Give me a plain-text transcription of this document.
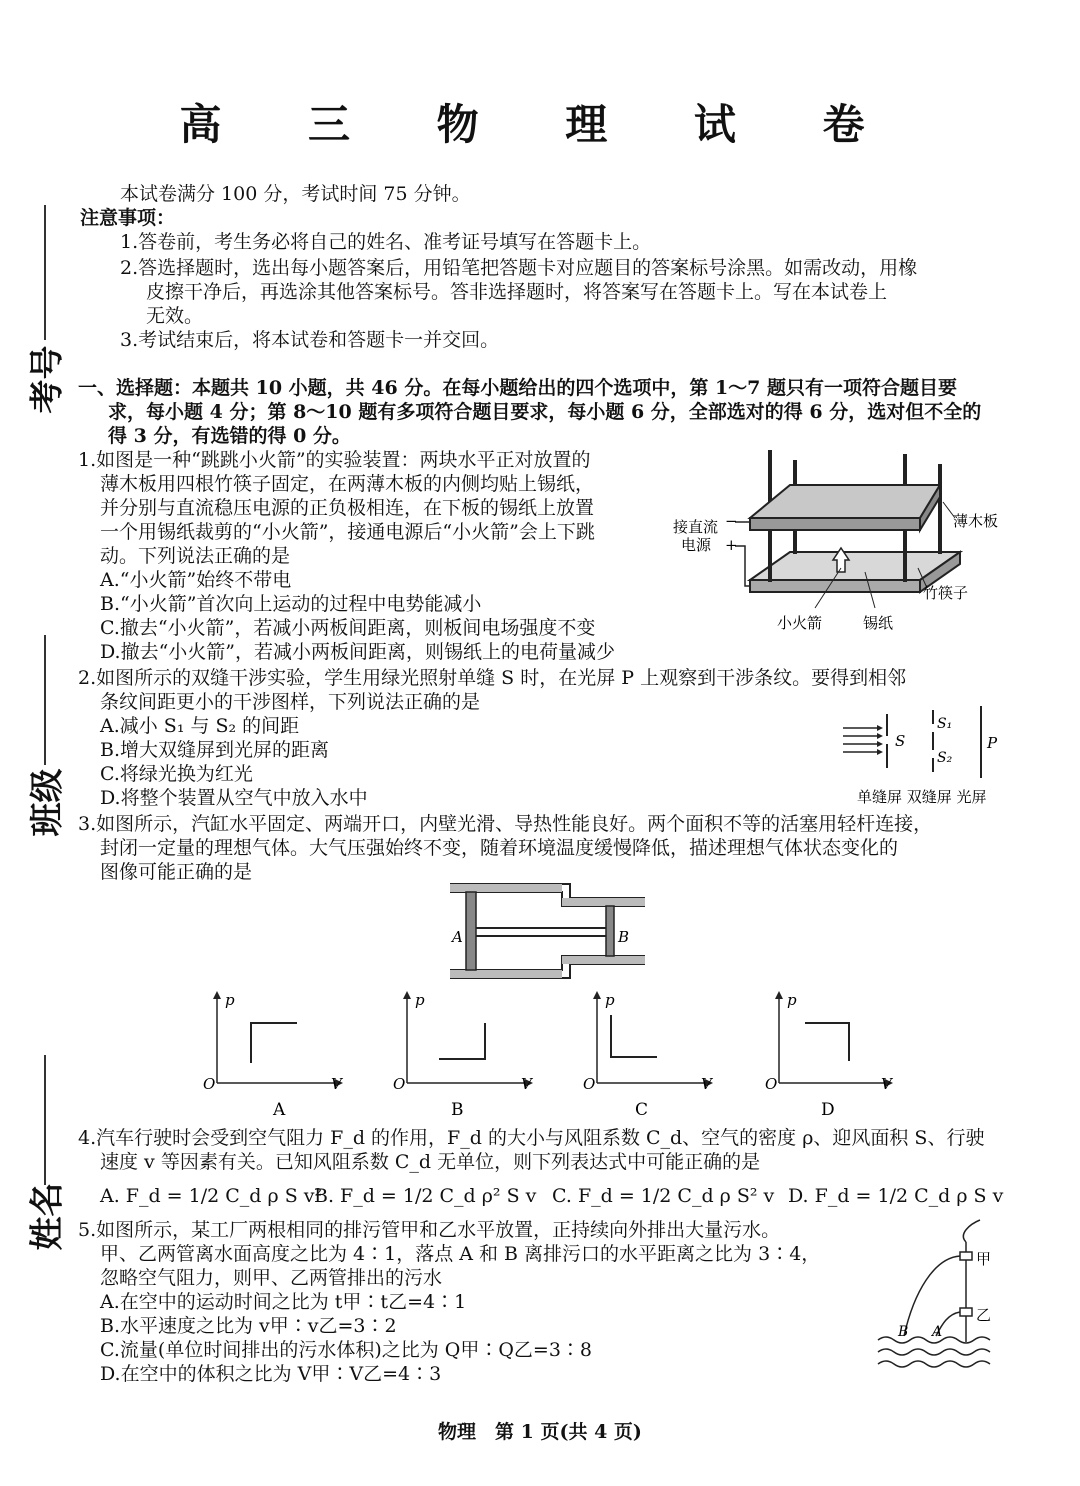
高 三 物 理 试 卷
考号
班级
姓名
本试卷满分 100 分，考试时间 75 分钟。
注意事项：
1.答卷前，考生务必将自己的姓名、准考证号填写在答题卡上。
2.答选择题时，选出每小题答案后，用铅笔把答题卡对应题目的答案标号涂黑。如需改动，用橡
皮擦干净后，再选涂其他答案标号。答非选择题时，将答案写在答题卡上。写在本试卷上
无效。
3.考试结束后，将本试卷和答题卡一并交回。
一、选择题：本题共 10 小题，共 46 分。在每小题给出的四个选项中，第 1～7 题只有一项符合题目要
求，每小题 4 分；第 8～10 题有多项符合题目要求，每小题 6 分，全部选对的得 6 分，选对但不全的
得 3 分，有选错的得 0 分。
1.如图是一种“跳跳小火箭”的实验装置：两块水平正对放置的
薄木板用四根竹筷子固定，在两薄木板的内侧均贴上锡纸，
并分别与直流稳压电源的正负极相连，在下板的锡纸上放置
一个用锡纸裁剪的“小火箭”，接通电源后“小火箭”会上下跳
动。下列说法正确的是
A.“小火箭”始终不带电
B.“小火箭”首次向上运动的过程中电势能减小
C.撤去“小火箭”，若减小两板间距离，则板间电场强度不变
D.撤去“小火箭”，若减小两板间距离，则锡纸上的电荷量减少
接直流
电源
−
+
薄木板
竹筷子
小火箭	锡纸
2.如图所示的双缝干涉实验，学生用绿光照射单缝 S 时，在光屏 P 上观察到干涉条纹。要得到相邻
条纹间距更小的干涉图样，下列说法正确的是
A.减小 S₁ 与 S₂ 的间距
B.增大双缝屏到光屏的距离
C.将绿光换为红光
D.将整个装置从空气中放入水中
S
S₁
S₂
P
单缝屏 双缝屏 光屏
3.如图所示，汽缸水平固定、两端开口，内壁光滑、导热性能良好。两个面积不等的活塞用轻杆连接，
封闭一定量的理想气体。大气压强始终不变，随着环境温度缓慢降低，描述理想气体状态变化的
图像可能正确的是
A	B
p
V
O
A
p
V
O
B
p
V
O
C
p
V
O
D
4.汽车行驶时会受到空气阻力 F_d 的作用，F_d 的大小与风阻系数 C_d、空气的密度 ρ、迎风面积 S、行驶
速度 v 等因素有关。已知风阻系数 C_d 无单位，则下列表达式中可能正确的是
A. F_d = 1/2 C_d ρ S v²
B. F_d = 1/2 C_d ρ² S v C. F_d = 1/2 C_d ρ S² v D. F_d = 1/2 C_d ρ S v
5.如图所示，某工厂两根相同的排污管甲和乙水平放置，正持续向外排出大量污水。
甲、乙两管离水面高度之比为 4∶1，落点 A 和 B 离排污口的水平距离之比为 3∶4，
忽略空气阻力，则甲、乙两管排出的污水
A.在空中的运动时间之比为 t甲∶t乙=4∶1
B.水平速度之比为 v甲∶v乙=3∶2
C.流量(单位时间排出的污水体积)之比为 Q甲∶Q乙=3∶8
D.在空中的体积之比为 V甲∶V乙=4∶3
甲
乙
A
B
物理　第 1 页(共 4 页)
